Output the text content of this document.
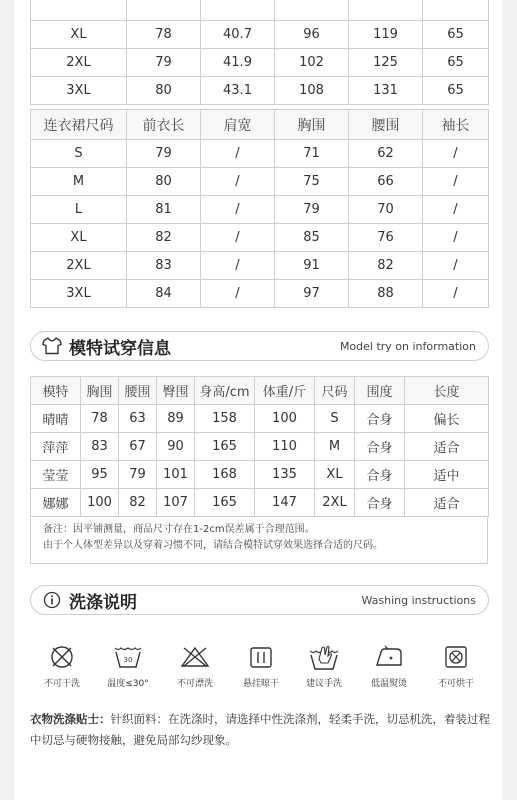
XL	78	40.7	96	119	65
2XL	79	41.9	102	125	65
3XL	80	43.1	108	131	65
连衣裙尺码	前衣长	肩宽	胸围	腰围	袖长
S	79	/	71	62	/
M	80	/	75	66	/
L	81	/	79	70	/
XL	82	/	85	76	/
2XL	83	/	91	82	/
3XL	84	/	97	88	/
模特试穿信息	Model try on information
模特	胸围	腰围	臀围	身高/cm	体重/斤	尺码	围度	长度
晴晴	78	63	89	158	100	S	合身	偏长
萍萍	83	67	90	165	110	M	合身	适合
莹莹	95	79	101	168	135	XL	合身	适中
娜娜	100	82	107	165	147	2XL	合身	适合
备注：因平铺测量，商品尺寸存在1-2cm误差属于合理范围。
由于个人体型差异以及穿着习惯不同，请结合模特试穿效果选择合适的尺码。
洗涤说明	Washing instructions
不可干洗
30
温度≤30°	不可漂洗	悬挂晾干	建议手洗	低温熨烫	不可烘干
衣物洗涤贴士：针织面料：在洗涤时，请选择中性洗涤剂，轻柔手洗，切忌机洗，着装过程中切忌与硬物接触，避免局部勾纱现象。
